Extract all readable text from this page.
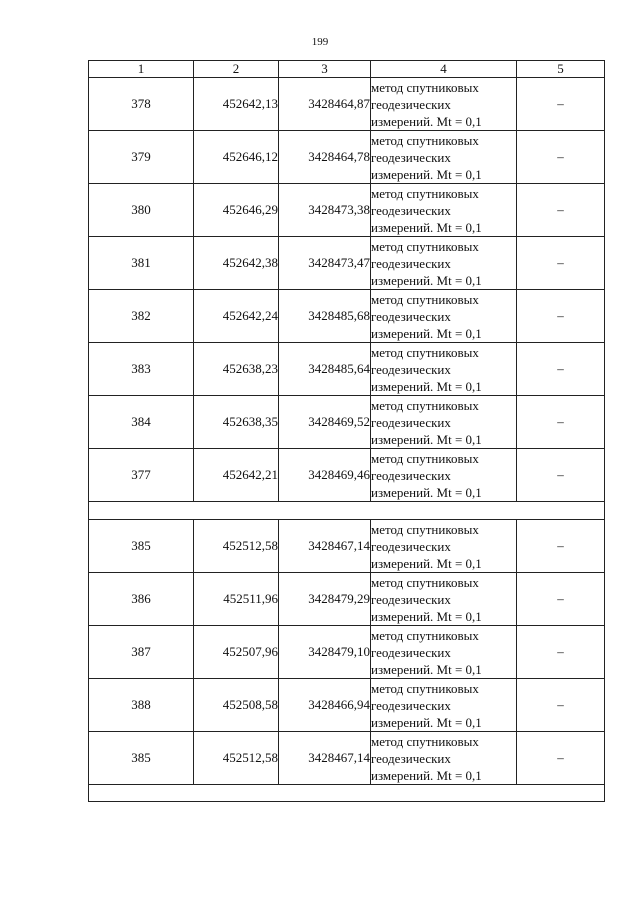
199
1	2	3	4	5
378	452642,13	3428464,87	метод спутниковых
геодезических
измерений. Mt = 0,1	–
379	452646,12	3428464,78	метод спутниковых
геодезических
измерений. Mt = 0,1	–
380	452646,29	3428473,38	метод спутниковых
геодезических
измерений. Mt = 0,1	–
381	452642,38	3428473,47	метод спутниковых
геодезических
измерений. Mt = 0,1	–
382	452642,24	3428485,68	метод спутниковых
геодезических
измерений. Mt = 0,1	–
383	452638,23	3428485,64	метод спутниковых
геодезических
измерений. Mt = 0,1	–
384	452638,35	3428469,52	метод спутниковых
геодезических
измерений. Mt = 0,1	–
377	452642,21	3428469,46	метод спутниковых
геодезических
измерений. Mt = 0,1	–

385	452512,58	3428467,14	метод спутниковых
геодезических
измерений. Mt = 0,1	–
386	452511,96	3428479,29	метод спутниковых
геодезических
измерений. Mt = 0,1	–
387	452507,96	3428479,10	метод спутниковых
геодезических
измерений. Mt = 0,1	–
388	452508,58	3428466,94	метод спутниковых
геодезических
измерений. Mt = 0,1	–
385	452512,58	3428467,14	метод спутниковых
геодезических
измерений. Mt = 0,1	–
